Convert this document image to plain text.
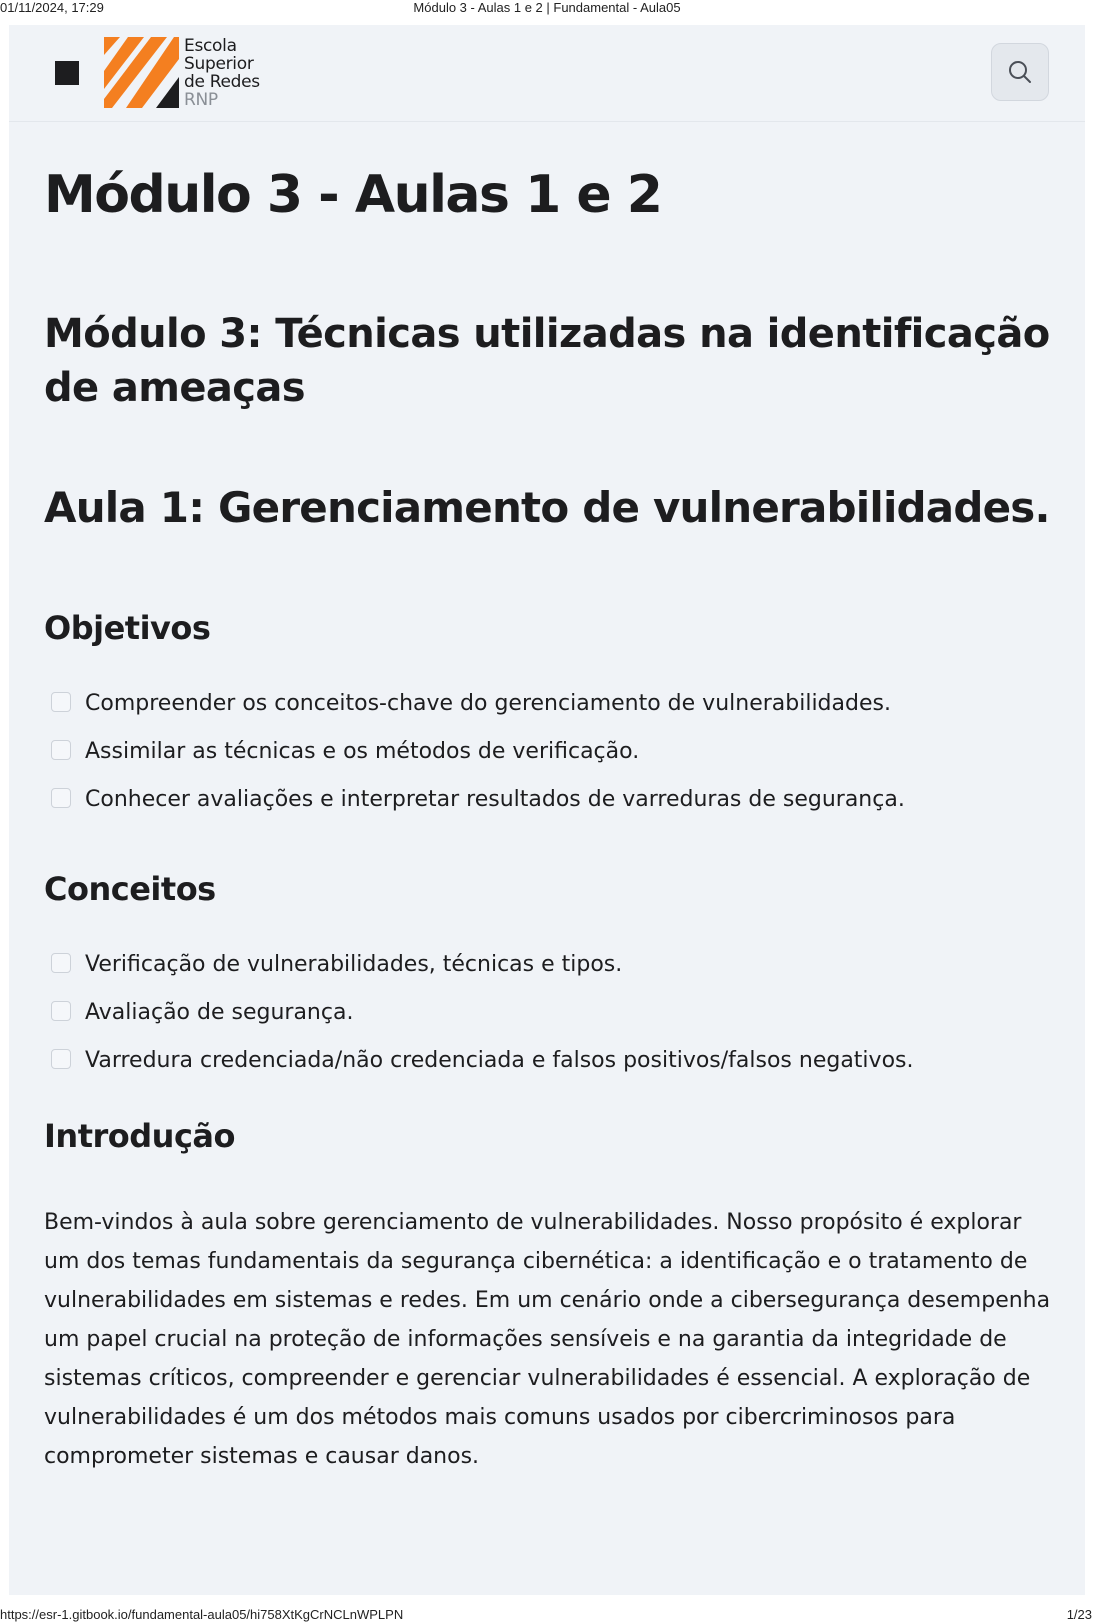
01/11/2024, 17:29	Módulo 3 - Aulas 1 e 2 | Fundamental - Aula05
Escola
Superior
de Redes
RNP
Módulo 3 - Aulas 1 e 2
Módulo 3: Técnicas utilizadas na identificação de ameaças
Aula 1: Gerenciamento de vulnerabilidades.
Objetivos
Compreender os conceitos-chave do gerenciamento de vulnerabilidades.
Assimilar as técnicas e os métodos de verificação.
Conhecer avaliações e interpretar resultados de varreduras de segurança.
Conceitos
Verificação de vulnerabilidades, técnicas e tipos.
Avaliação de segurança.
Varredura credenciada/não credenciada e falsos positivos/falsos negativos.
Introdução

Bem-vindos à aula sobre gerenciamento de vulnerabilidades. Nosso propósito é explorar um dos temas fundamentais da segurança cibernética: a identificação e o tratamento de vulnerabilidades em sistemas e redes. Em um cenário onde a cibersegurança desempenha um papel crucial na proteção de informações sensíveis e na garantia da integridade de sistemas críticos, compreender e gerenciar vulnerabilidades é essencial. A exploração de vulnerabilidades é um dos métodos mais comuns usados por cibercriminosos para comprometer sistemas e causar danos.

https://esr-1.gitbook.io/fundamental-aula05/hi758XtKgCrNCLnWPLPN	1/23
